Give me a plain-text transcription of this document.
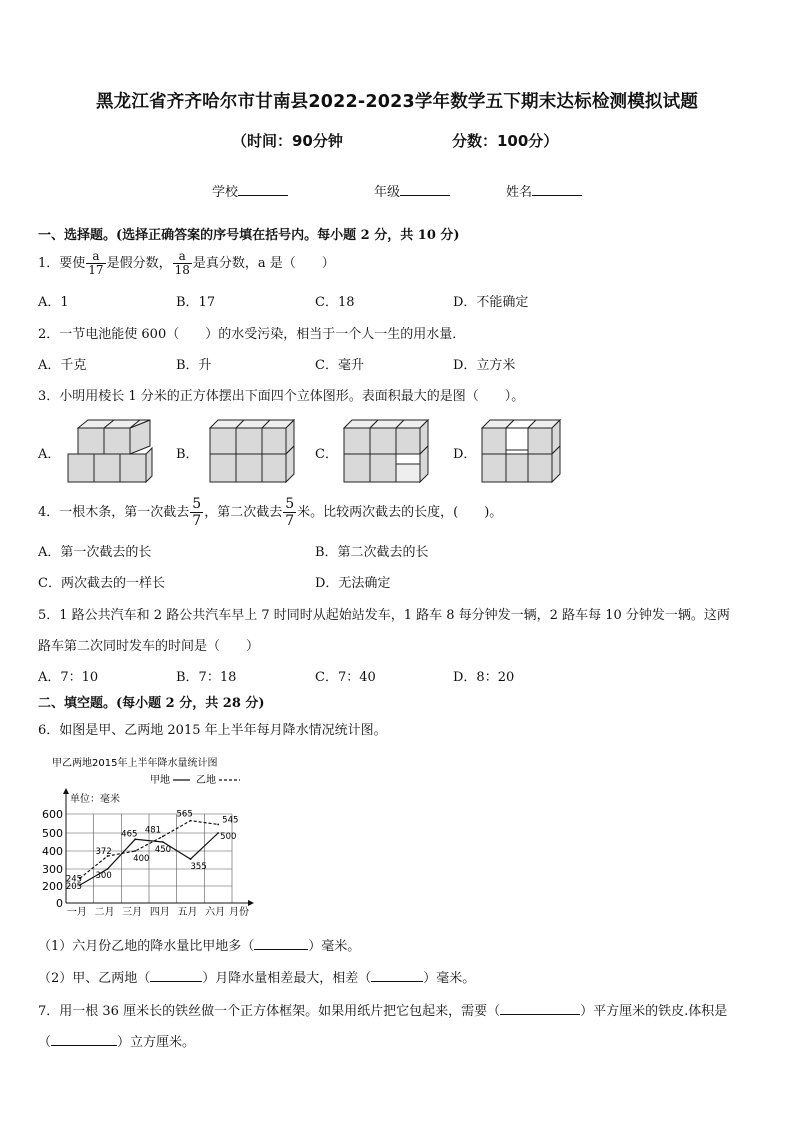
黑龙江省齐齐哈尔市甘南县2022-2023学年数学五下期末达标检测模拟试题
（时间：90分钟	分数：100分）
学校	年级	姓名
一、选择题。(选择正确答案的序号填在括号内。每小题 2 分，共 10 分)
1．要使 $\frac{a}{17}$ 是假分数， $\frac{a}{18}$ 是真分数，a 是（　　）
A．1	B．17	C．18	D．不能确定
2．一节电池能使 600（　　）的水受污染，相当于一个人一生的用水量．
A．千克	B．升	C．毫升	D．立方米
3．小明用棱长 1 分米的正方体摆出下面四个立体图形。表面积最大的是图（　　）。
A．	B．	C．	D．
4．一根木条，第一次截去 $\frac{5}{7}$ ，第二次截去 $\frac{5}{7}$ 米。比较两次截去的长度，(　　)。
A．第一次截去的长	B．第二次截去的长
C．两次截去的一样长	D．无法确定
5．1 路公共汽车和 2 路公共汽车早上 7 时同时从起始站发车，1 路车 8 每分钟发一辆，2 路车每 10 分钟发一辆。这两
路车第二次同时发车的时间是（　　）
A．7：10	B．7：18	C．7：40	D．8：20
二、填空题。(每小题 2 分，共 28 分)
6．如图是甲、乙两地 2015 年上半年每月降水情况统计图。
甲乙两地2015年上半年降水量统计图
甲地	乙地
单位：毫米
月份
0
200
300
400
500
600
一月 二月 三月 四月 五月 六月
205
300
465
450
355
500
245
372
400
481
565
545
（1）六月份乙地的降水量比甲地多（	）毫米。
（2）甲、乙两地（	）月降水量相差最大，相差（	）毫米。
7．用一根 36 厘米长的铁丝做一个正方体框架。如果用纸片把它包起来，需要（	）平方厘米的铁皮.体积是
（	）立方厘米。
